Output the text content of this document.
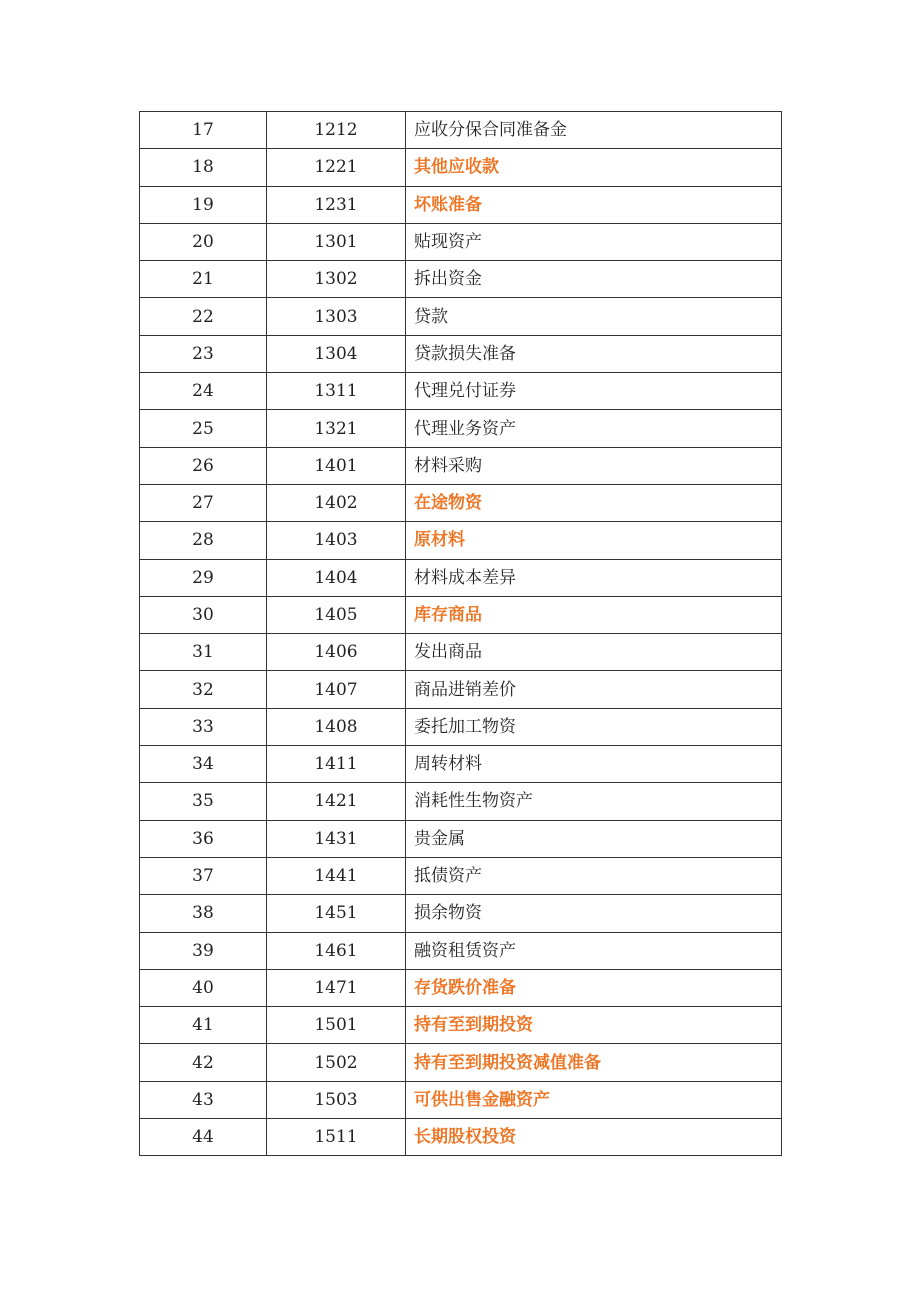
17	1212	应收分保合同准备金
18	1221	其他应收款
19	1231	坏账准备
20	1301	贴现资产
21	1302	拆出资金
22	1303	贷款
23	1304	贷款损失准备
24	1311	代理兑付证券
25	1321	代理业务资产
26	1401	材料采购
27	1402	在途物资
28	1403	原材料
29	1404	材料成本差异
30	1405	库存商品
31	1406	发出商品
32	1407	商品进销差价
33	1408	委托加工物资
34	1411	周转材料
35	1421	消耗性生物资产
36	1431	贵金属
37	1441	抵债资产
38	1451	损余物资
39	1461	融资租赁资产
40	1471	存货跌价准备
41	1501	持有至到期投资
42	1502	持有至到期投资减值准备
43	1503	可供出售金融资产
44	1511	长期股权投资
